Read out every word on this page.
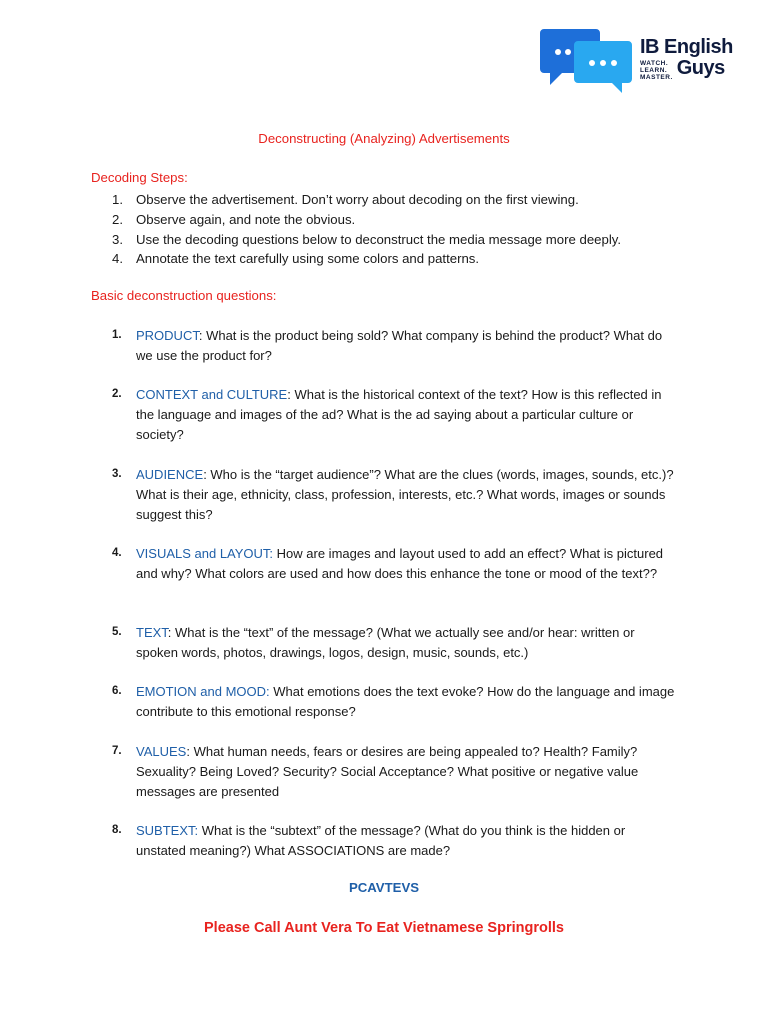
IB English
WATCH.
LEARN.
MASTER. Guys
Deconstructing (Analyzing) Advertisements
Decoding Steps:
1. Observe the advertisement. Don’t worry about decoding on the first viewing.
2. Observe again, and note the obvious.
3. Use the decoding questions below to deconstruct the media message more deeply.
4. Annotate the text carefully using some colors and patterns.
Basic deconstruction questions:
1.	PRODUCT: What is the product being sold? What company is behind the product? What do we use the product for?
2.	CONTEXT and CULTURE: What is the historical context of the text? How is this reflected in the language and images of the ad? What is the ad saying about a particular culture or society?
3.	AUDIENCE: Who is the “target audience”? What are the clues (words, images, sounds, etc.)? What is their age, ethnicity, class, profession, interests, etc.? What words, images or sounds suggest this?
4.	VISUALS and LAYOUT: How are images and layout used to add an effect? What is pictured and why? What colors are used and how does this enhance the tone or mood of the text??
5.	TEXT: What is the “text” of the message? (What we actually see and/or hear: written or spoken words, photos, drawings, logos, design, music, sounds, etc.)
6.	EMOTION and MOOD: What emotions does the text evoke? How do the language and image contribute to this emotional response?
7.	VALUES: What human needs, fears or desires are being appealed to? Health? Family? Sexuality? Being Loved? Security? Social Acceptance? What positive or negative value messages are presented
8.	SUBTEXT: What is the “subtext” of the message? (What do you think is the hidden or unstated meaning?) What ASSOCIATIONS are made?
PCAVTEVS
Please Call Aunt Vera To Eat Vietnamese Springrolls
